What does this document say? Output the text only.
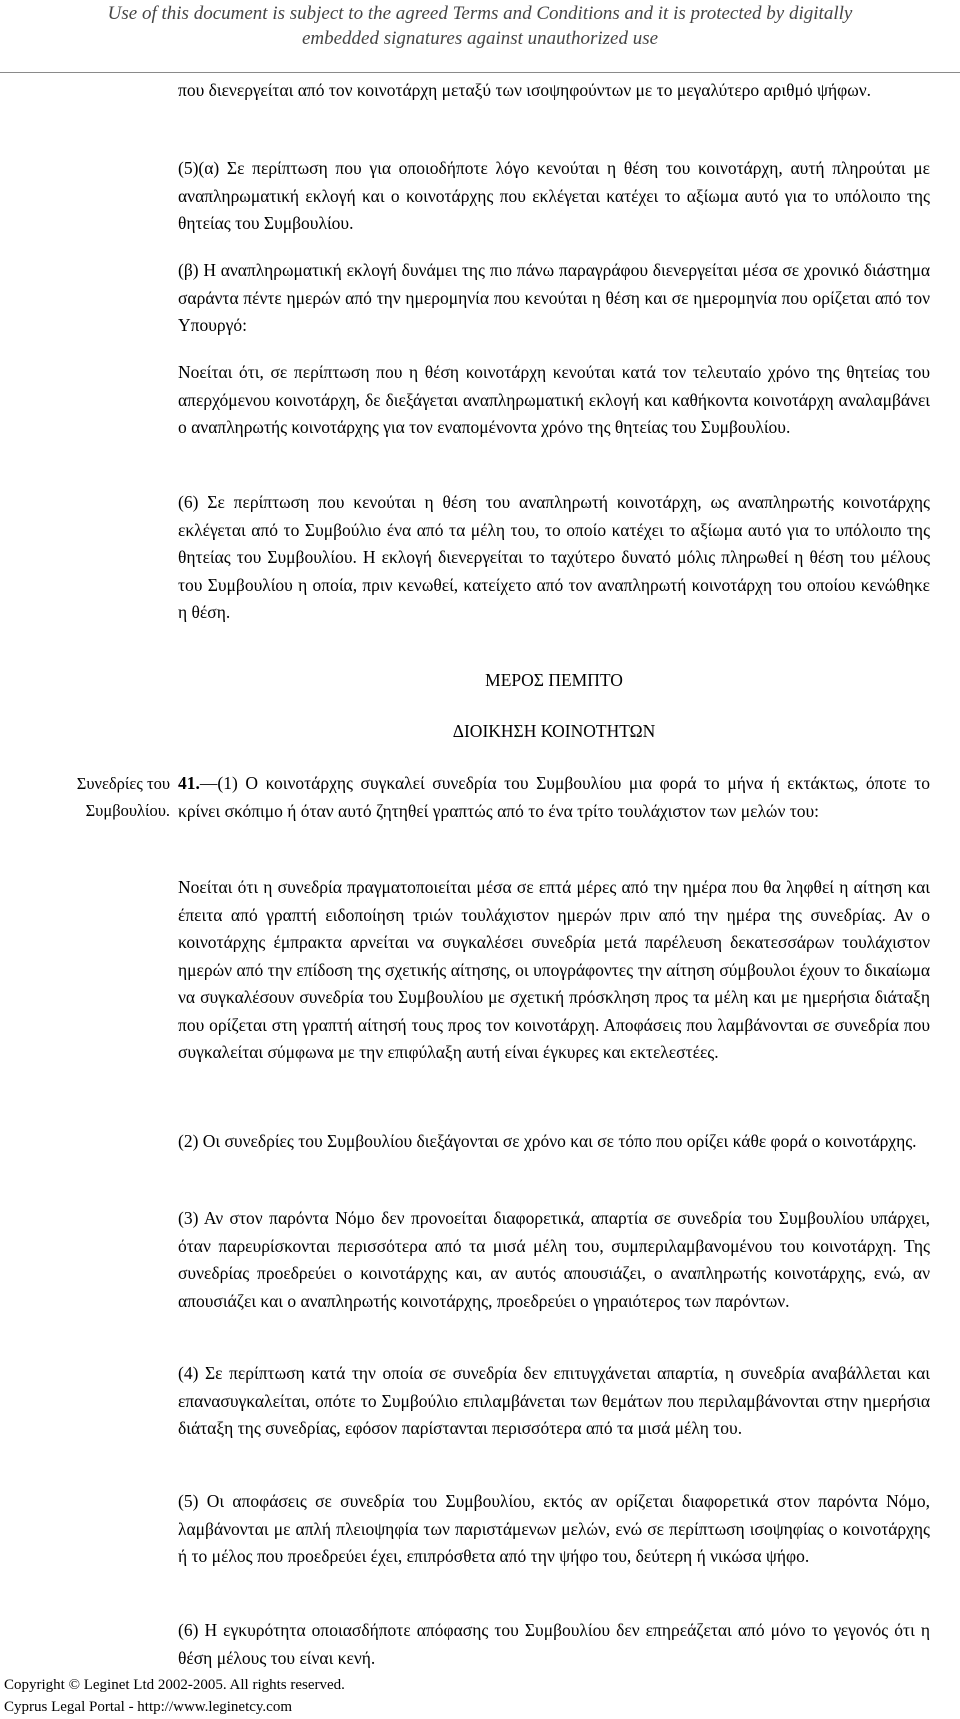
Use of this document is subject to the agreed Terms and Conditions and it is protected by digitally
embedded signatures against unauthorized use

που διενεργείται από τον κοινοτάρχη μεταξύ των ισοψηφούντων με το μεγαλύτερο αριθμό ψήφων.

(5)(α) Σε περίπτωση που για οποιοδήποτε λόγο κενούται η θέση του κοινοτάρχη, αυτή πληρούται με αναπληρωματική εκλογή και ο κοινοτάρχης που εκλέγεται κατέχει το αξίωμα αυτό για το υπόλοιπο της θητείας του Συμβουλίου.

(β) Η αναπληρωματική εκλογή δυνάμει της πιο πάνω παραγράφου διενεργείται μέσα σε χρονικό διάστημα σαράντα πέντε ημερών από την ημερομηνία που κενούται η θέση και σε ημερομηνία που ορίζεται από τον Υπουργό:

Νοείται ότι, σε περίπτωση που η θέση κοινοτάρχη κενούται κατά τον τελευταίο χρόνο της θητείας του απερχόμενου κοινοτάρχη, δε διεξάγεται αναπληρωματική εκλογή και καθήκοντα κοινοτάρχη αναλαμβάνει ο αναπληρωτής κοινοτάρχης για τον εναπομένοντα χρόνο της θητείας του Συμβουλίου.

(6) Σε περίπτωση που κενούται η θέση του αναπληρωτή κοινοτάρχη, ως αναπληρωτής κοινοτάρχης εκλέγεται από το Συμβούλιο ένα από τα μέλη του, το οποίο κατέχει το αξίωμα αυτό για το υπόλοιπο της θητείας του Συμβουλίου. Η εκλογή διενεργείται το ταχύτερο δυνατό μόλις πληρωθεί η θέση του μέλους του Συμβουλίου η οποία, πριν κενωθεί, κατείχετο από τον αναπληρωτή κοινοτάρχη του οποίου κενώθηκε η θέση.

ΜΕΡΟΣ ΠΕΜΠΤΟ
ΔΙΟΙΚΗΣΗ ΚΟΙΝΟΤΗΤΩΝ
Συνεδρίες του
Συμβουλίου.

41.—(1) Ο κοινοτάρχης συγκαλεί συνεδρία του Συμβουλίου μια φορά το μήνα ή εκτάκτως, όποτε το κρίνει σκόπιμο ή όταν αυτό ζητηθεί γραπτώς από το ένα τρίτο τουλάχιστον των μελών του:

Νοείται ότι η συνεδρία πραγματοποιείται μέσα σε επτά μέρες από την ημέρα που θα ληφθεί η αίτηση και έπειτα από γραπτή ειδοποίηση τριών τουλάχιστον ημερών πριν από την ημέρα της συνεδρίας. Αν ο κοινοτάρχης έμπρακτα αρνείται να συγκαλέσει συνεδρία μετά παρέλευση δεκατεσσάρων τουλάχιστον ημερών από την επίδοση της σχετικής αίτησης, οι υπογράφοντες την αίτηση σύμβουλοι έχουν το δικαίωμα να συγκαλέσουν συνεδρία του Συμβουλίου με σχετική πρόσκληση προς τα μέλη και με ημερήσια διάταξη που ορίζεται στη γραπτή αίτησή τους προς τον κοινοτάρχη. Αποφάσεις που λαμβάνονται σε συνεδρία που συγκαλείται σύμφωνα με την επιφύλαξη αυτή είναι έγκυρες και εκτελεστέες.

(2) Οι συνεδρίες του Συμβουλίου διεξάγονται σε χρόνο και σε τόπο που ορίζει κάθε φορά ο κοινοτάρχης.

(3) Αν στον παρόντα Νόμο δεν προνοείται διαφορετικά, απαρτία σε συνεδρία του Συμβουλίου υπάρχει, όταν παρευρίσκονται περισσότερα από τα μισά μέλη του, συμπεριλαμβανομένου του κοινοτάρχη. Της συνεδρίας προεδρεύει ο κοινοτάρχης και, αν αυτός απουσιάζει, ο αναπληρωτής κοινοτάρχης, ενώ, αν απουσιάζει και ο αναπληρωτής κοινοτάρχης, προεδρεύει ο γηραιότερος των παρόντων.

(4) Σε περίπτωση κατά την οποία σε συνεδρία δεν επιτυγχάνεται απαρτία, η συνεδρία αναβάλλεται και επανασυγκαλείται, οπότε το Συμβούλιο επιλαμβάνεται των θεμάτων που περιλαμβάνονται στην ημερήσια διάταξη της συνεδρίας, εφόσον παρίστανται περισσότερα από τα μισά μέλη του.

(5) Οι αποφάσεις σε συνεδρία του Συμβουλίου, εκτός αν ορίζεται διαφορετικά στον παρόντα Νόμο, λαμβάνονται με απλή πλειοψηφία των παριστάμενων μελών, ενώ σε περίπτωση ισοψηφίας ο κοινοτάρχης ή το μέλος που προεδρεύει έχει, επιπρόσθετα από την ψήφο του, δεύτερη ή νικώσα ψήφο.

(6) Η εγκυρότητα οποιασδήποτε απόφασης του Συμβουλίου δεν επηρεάζεται από μόνο το γεγονός ότι η θέση μέλους του είναι κενή.

Copyright © Leginet Ltd 2002-2005. All rights reserved.
Cyprus Legal Portal - http://www.leginetcy.com
